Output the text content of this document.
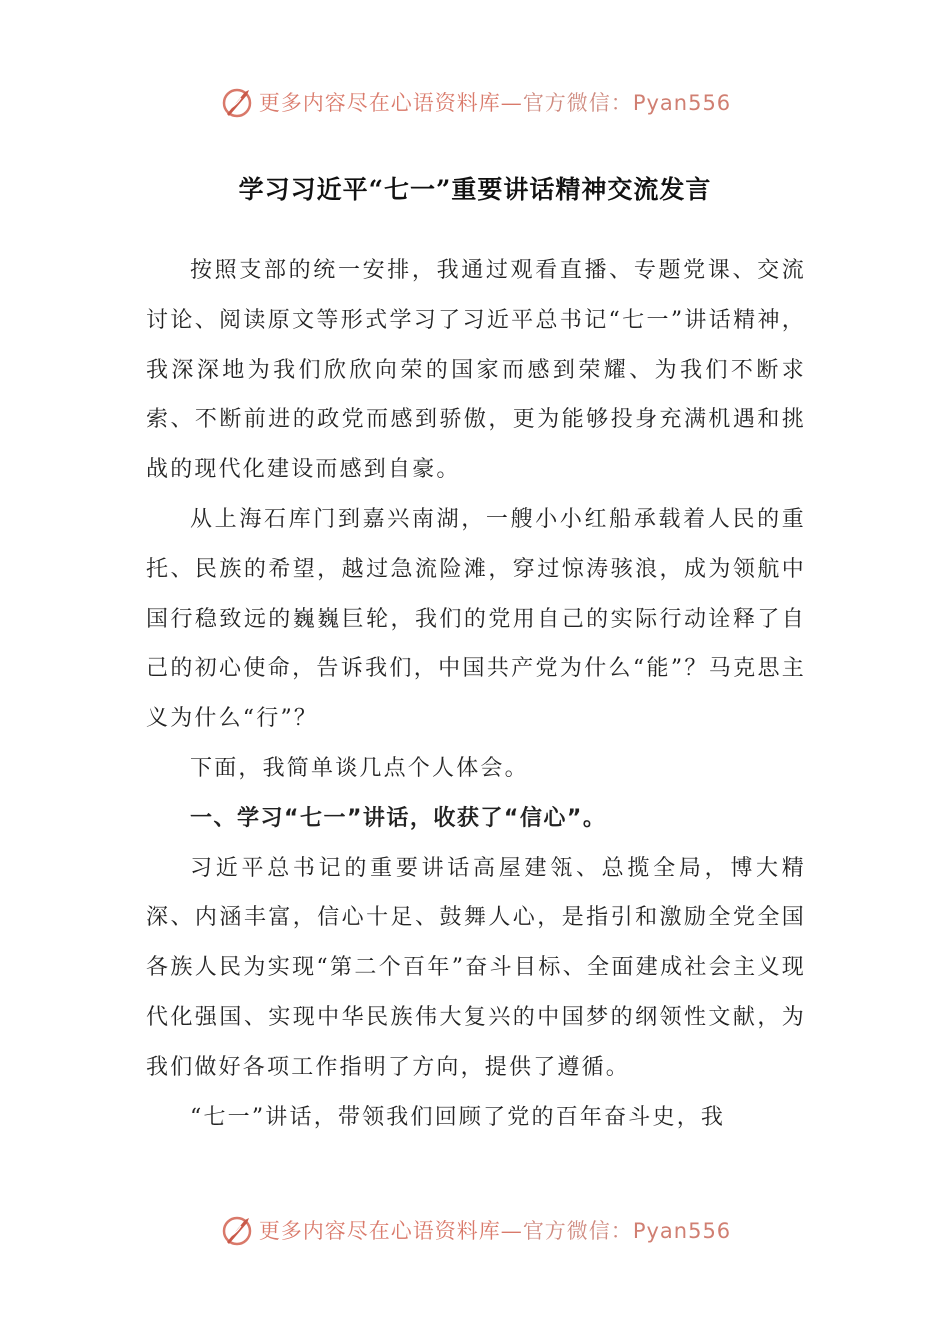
更多内容尽在心语资料库—官方微信：Pyan556
学习习近平“七一”重要讲话精神交流发言

按照支部的统一安排，我通过观看直播、专题党课、交流讨论、阅读原文等形式学习了习近平总书记“七一”讲话精神，我深深地为我们欣欣向荣的国家而感到荣耀、为我们不断求索、不断前进的政党而感到骄傲，更为能够投身充满机遇和挑战的现代化建设而感到自豪。

从上海石库门到嘉兴南湖，一艘小小红船承载着人民的重托、民族的希望，越过急流险滩，穿过惊涛骇浪，成为领航中国行稳致远的巍巍巨轮，我们的党用自己的实际行动诠释了自己的初心使命，告诉我们，中国共产党为什么“能”？马克思主义为什么“行”？

下面，我简单谈几点个人体会。

一、学习“七一”讲话，收获了“信心”。

习近平总书记的重要讲话高屋建瓴、总揽全局，博大精深、内涵丰富，信心十足、鼓舞人心，是指引和激励全党全国各族人民为实现“第二个百年”奋斗目标、全面建成社会主义现代化强国、实现中华民族伟大复兴的中国梦的纲领性文献，为我们做好各项工作指明了方向，提供了遵循。

“七一”讲话，带领我们回顾了党的百年奋斗史，我

更多内容尽在心语资料库—官方微信：Pyan556
